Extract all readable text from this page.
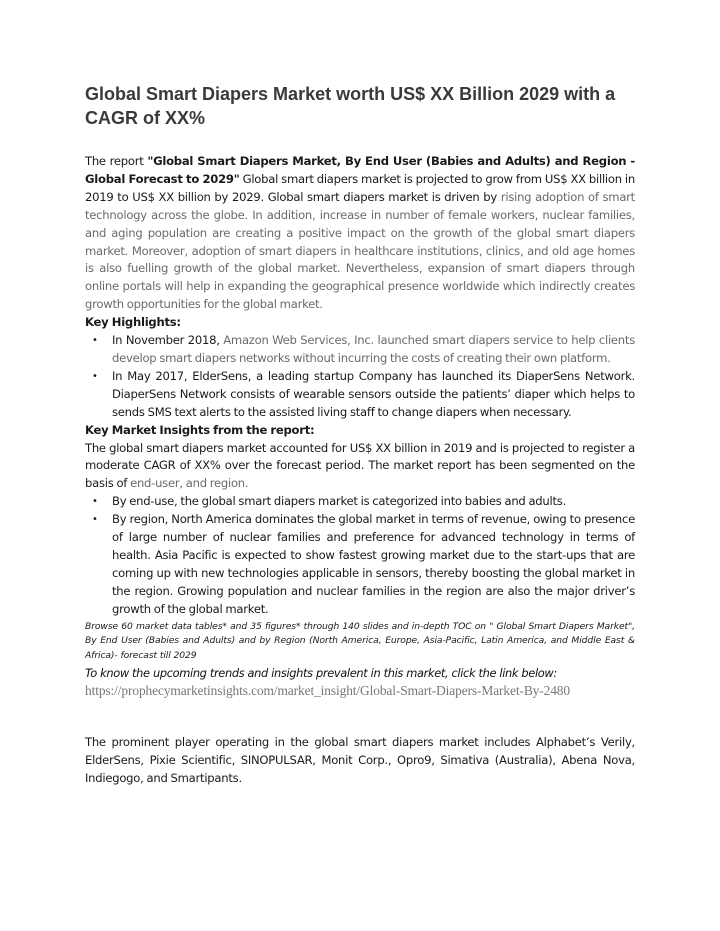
Global Smart Diapers Market worth US$ XX Billion 2029 with a CAGR of XX%

The report "Global Smart Diapers Market, By End User (Babies and Adults) and Region - Global Forecast to 2029" Global smart diapers market is projected to grow from US$ XX billion in 2019 to US$ XX billion by 2029. Global smart diapers market is driven by rising adoption of smart technology across the globe. In addition, increase in number of female workers, nuclear families, and aging population are creating a positive impact on the growth of the global smart diapers market. Moreover, adoption of smart diapers in healthcare institutions, clinics, and old age homes is also fuelling growth of the global market. Nevertheless, expansion of smart diapers through online portals will help in expanding the geographical presence worldwide which indirectly creates growth opportunities for the global market.

Key Highlights:

• In November 2018, Amazon Web Services, Inc. launched smart diapers service to help clients develop smart diapers networks without incurring the costs of creating their own platform.
• In May 2017, ElderSens, a leading startup Company has launched its DiaperSens Network. DiaperSens Network consists of wearable sensors outside the patients’ diaper which helps to sends SMS text alerts to the assisted living staff to change diapers when necessary.

Key Market Insights from the report:

The global smart diapers market accounted for US$ XX billion in 2019 and is projected to register a moderate CAGR of XX% over the forecast period. The market report has been segmented on the basis of end-user, and region.

• By end-use, the global smart diapers market is categorized into babies and adults.
• By region, North America dominates the global market in terms of revenue, owing to presence of large number of nuclear families and preference for advanced technology in terms of health. Asia Pacific is expected to show fastest growing market due to the start-ups that are coming up with new technologies applicable in sensors, thereby boosting the global market in the region. Growing population and nuclear families in the region are also the major driver’s growth of the global market.

Browse 60 market data tables* and 35 figures* through 140 slides and in-depth TOC on " Global Smart Diapers Market", By End User (Babies and Adults) and by Region (North America, Europe, Asia-Pacific, Latin America, and Middle East & Africa)- forecast till 2029

To know the upcoming trends and insights prevalent in this market, click the link below:

https://prophecymarketinsights.com/market_insight/Global-Smart-Diapers-Market-By-2480

The prominent player operating in the global smart diapers market includes Alphabet’s Verily, ElderSens, Pixie Scientific, SINOPULSAR, Monit Corp., Opro9, Simativa (Australia), Abena Nova, Indiegogo, and Smartipants.
